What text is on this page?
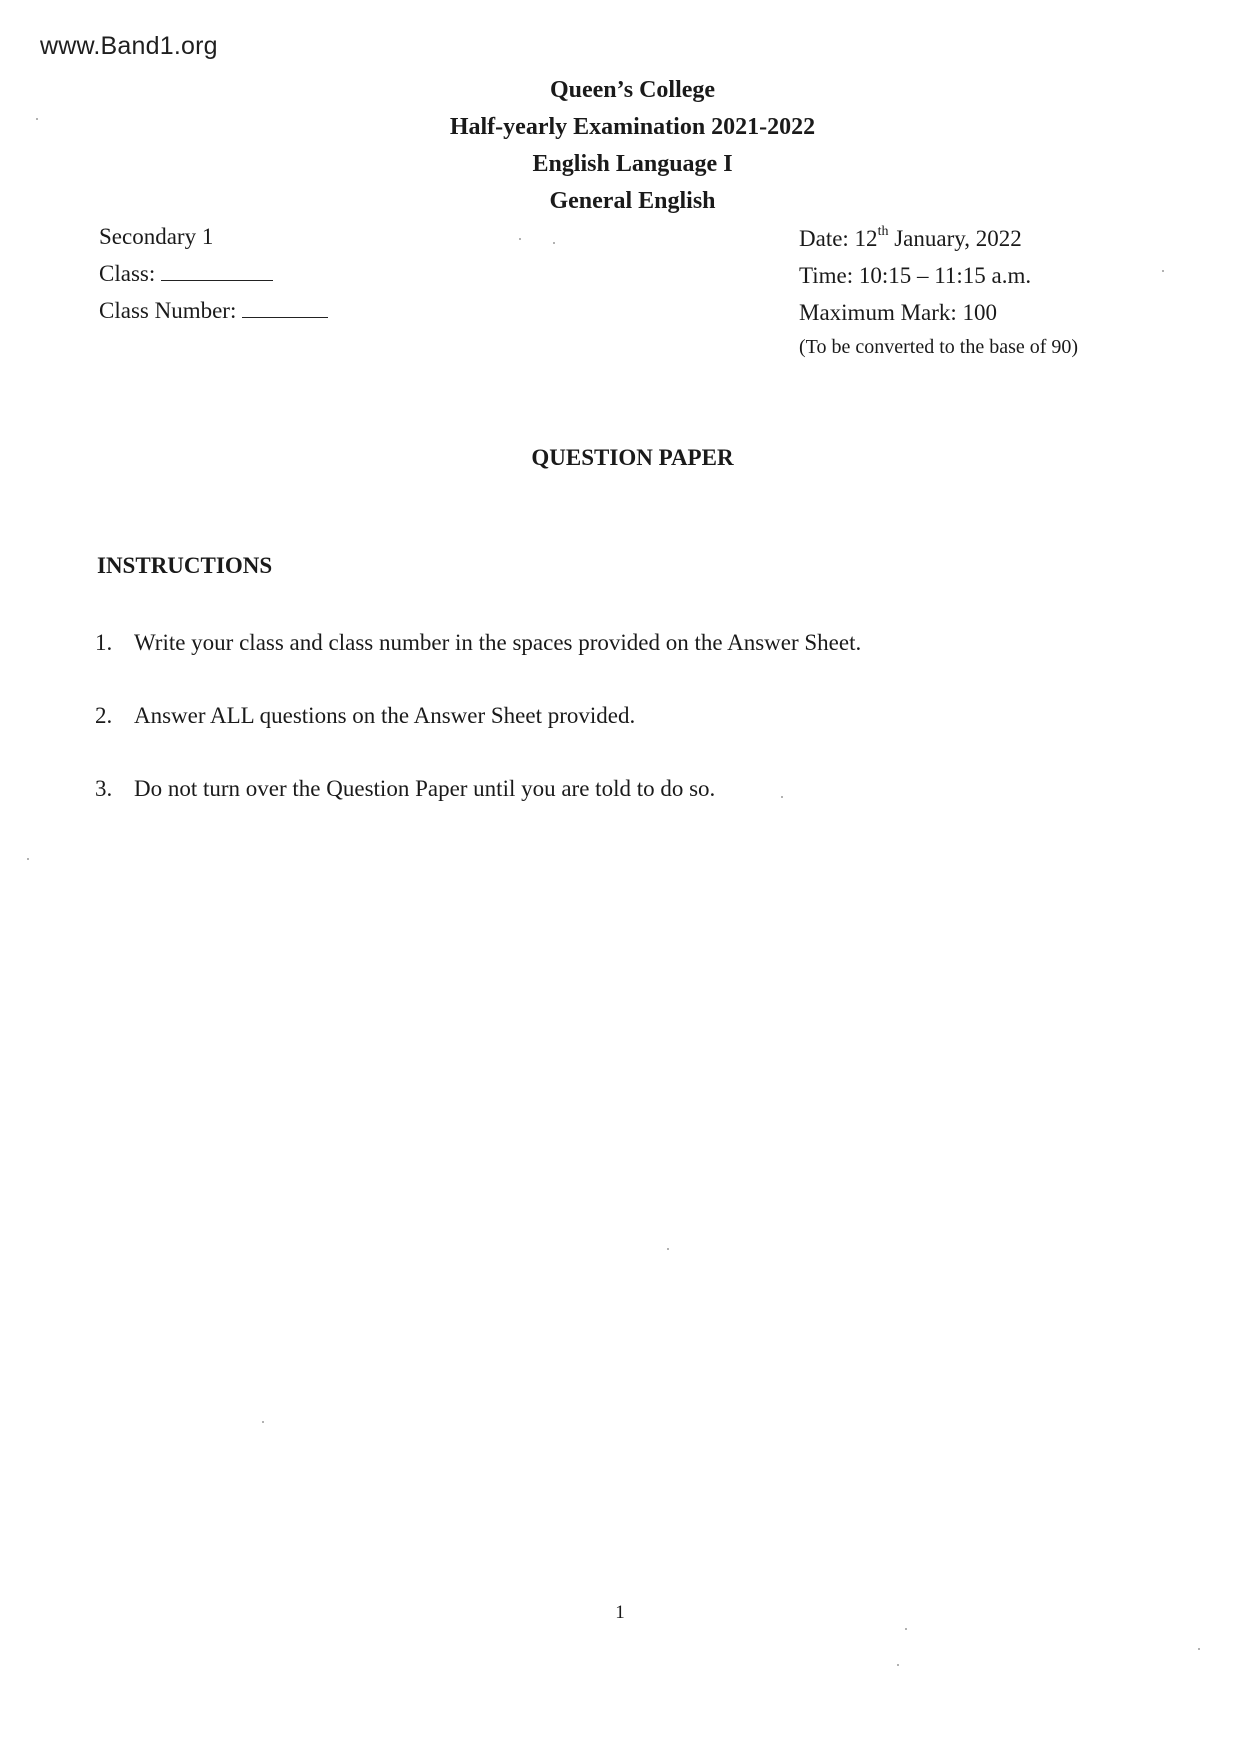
www.Band1.org
Queen’s College
Half-yearly Examination 2021-2022
English Language I
General English
Secondary 1
Class:
Class Number:
Date: 12th January, 2022
Time: 10:15 – 11:15 a.m.
Maximum Mark: 100
(To be converted to the base of 90)
QUESTION PAPER
INSTRUCTIONS
1. Write your class and class number in the spaces provided on the Answer Sheet.
2. Answer ALL questions on the Answer Sheet provided.
3. Do not turn over the Question Paper until you are told to do so.
1
